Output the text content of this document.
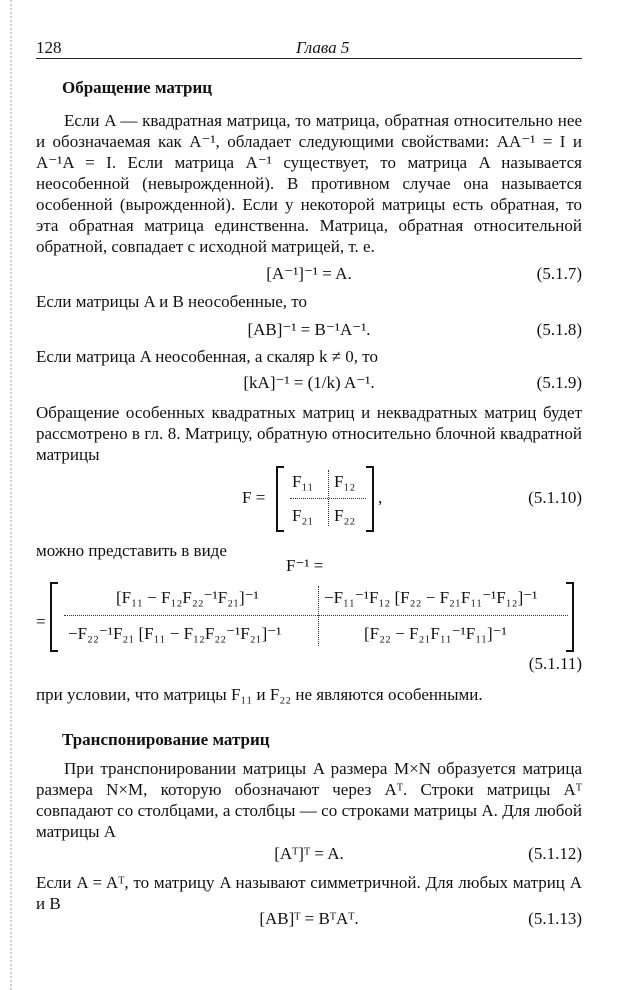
128	Глава 5
Обращение матриц
Если A — квадратная матрица, то матрица, обратная относительно нее и обозначаемая как A⁻¹, обладает следующими свойствами: AA⁻¹ = I и A⁻¹A = I. Если матрица A⁻¹ существует, то матрица A называется неособенной (невырожденной). В противном случае она называется особенной (вырожденной). Если у некоторой матрицы есть обратная, то эта обратная матрица единственна. Матрица, обратная относительной обратной, совпадает с исходной матрицей, т. е.
[A⁻¹]⁻¹ = A.	(5.1.7)
Если матрицы A и B неособенные, то
[AB]⁻¹ = B⁻¹A⁻¹.	(5.1.8)
Если матрица A неособенная, а скаляр k ≠ 0, то
[kA]⁻¹ = (1/k) A⁻¹.	(5.1.9)
Обращение особенных квадратных матриц и неквадратных матриц будет рассмотрено в гл. 8. Матрицу, обратную относительно блочной квадратной матрицы
F =
F₁₁ F₁₂
F₂₁ F₂₂
,	(5.1.10)
можно представить в виде
F⁻¹ =
=
[F₁₁ − F₁₂F₂₂⁻¹F₂₁]⁻¹	−F₁₁⁻¹F₁₂ [F₂₂ − F₂₁F₁₁⁻¹F₁₂]⁻¹
−F₂₂⁻¹F₂₁ [F₁₁ − F₁₂F₂₂⁻¹F₂₁]⁻¹	[F₂₂ − F₂₁F₁₁⁻¹F₁₁]⁻¹
(5.1.11)
при условии, что матрицы F₁₁ и F₂₂ не являются особенными.
Транспонирование матриц
При транспонировании матрицы A размера M×N образуется матрица размера N×M, которую обозначают через Aᵀ. Строки матрицы Aᵀ совпадают со столбцами, а столбцы — со строками матрицы A. Для любой матрицы A
[Aᵀ]ᵀ = A.	(5.1.12)
Если A = Aᵀ, то матрицу A называют симметричной. Для любых матриц A и B
[AB]ᵀ = BᵀAᵀ.	(5.1.13)
